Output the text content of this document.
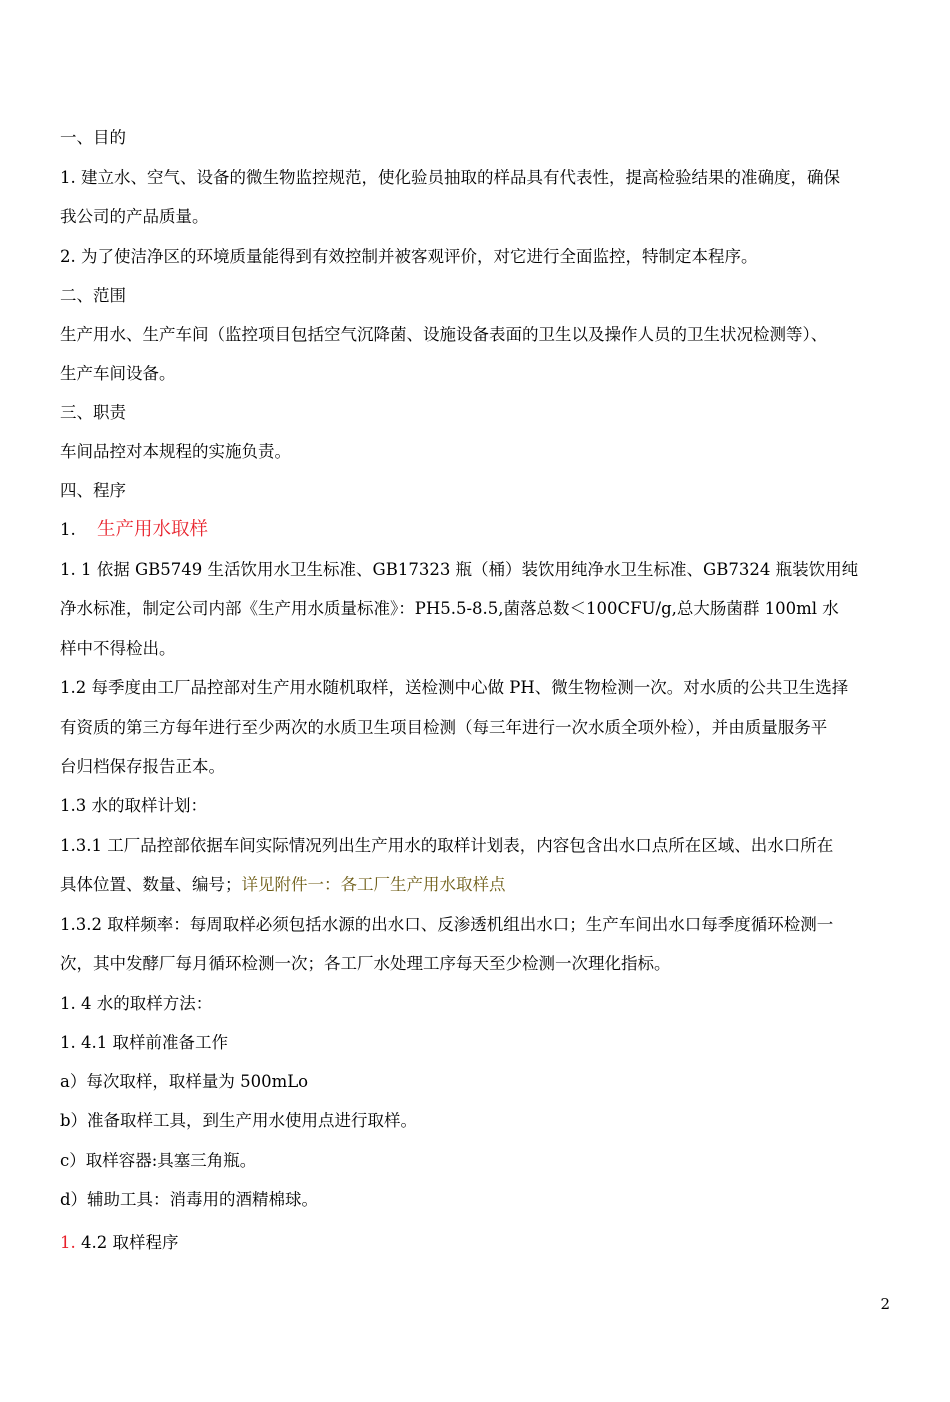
一、目的
1. 建立水、空气、设备的微生物监控规范，使化验员抽取的样品具有代表性，提高检验结果的准确度，确保
我公司的产品质量。
2. 为了使洁净区的环境质量能得到有效控制并被客观评价，对它进行全面监控，特制定本程序。
二、范围
生产用水、生产车间（监控项目包括空气沉降菌、设施设备表面的卫生以及操作人员的卫生状况检测等）、
生产车间设备。
三、职责
车间品控对本规程的实施负责。
四、程序
1. 生产用水取样
1. 1 依据 GB5749 生活饮用水卫生标准、GB17323 瓶（桶）装饮用纯净水卫生标准、GB7324 瓶装饮用纯
净水标准，制定公司内部《生产用水质量标准》：PH5.5-8.5,菌落总数＜100CFU/g,总大肠菌群 100ml 水
样中不得检出。
1.2 每季度由工厂品控部对生产用水随机取样，送检测中心做 PH、微生物检测一次。对水质的公共卫生选择
有资质的第三方每年进行至少两次的水质卫生项目检测（每三年进行一次水质全项外检），并由质量服务平
台归档保存报告正本。
1.3 水的取样计划：
1.3.1 工厂品控部依据车间实际情况列出生产用水的取样计划表，内容包含出水口点所在区域、出水口所在
具体位置、数量、编号；详见附件一：各工厂生产用水取样点
1.3.2 取样频率：每周取样必须包括水源的出水口、反渗透机组出水口；生产车间出水口每季度循环检测一
次，其中发酵厂每月循环检测一次；各工厂水处理工序每天至少检测一次理化指标。
1. 4 水的取样方法：
1. 4.1 取样前准备工作
a）每次取样，取样量为 500mLo
b）准备取样工具，到生产用水使用点进行取样。
c）取样容器:具塞三角瓶。
d）辅助工具：消毒用的酒精棉球。
1. 4.2 取样程序
2
